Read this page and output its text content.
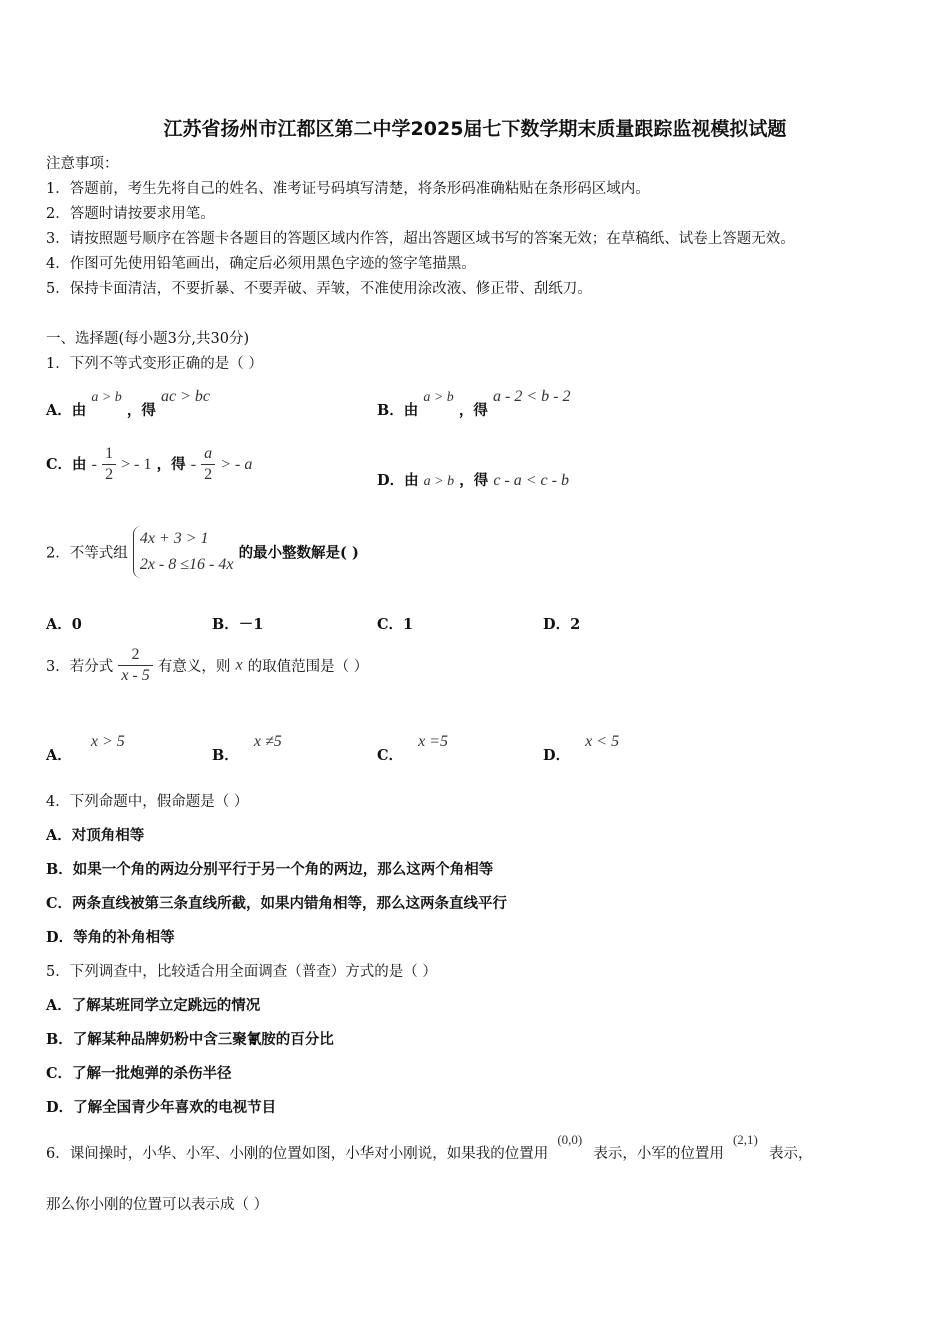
江苏省扬州市江都区第二中学2025届七下数学期末质量跟踪监视模拟试题
注意事项：
1．答题前，考生先将自己的姓名、准考证号码填写清楚，将条形码准确粘贴在条形码区域内。
2．答题时请按要求用笔。
3．请按照题号顺序在答题卡各题目的答题区域内作答，超出答题区域书写的答案无效；在草稿纸、试卷上答题无效。
4．作图可先使用铅笔画出，确定后必须用黑色字迹的签字笔描黑。
5．保持卡面清洁，不要折暴、不要弄破、弄皱，不准使用涂改液、修正带、刮纸刀。
一、选择题(每小题3分,共30分)
1．下列不等式变形正确的是（ ）
A．由 a > b ，得 ac > bc
B．由 a > b ，得 a - 2 < b - 2
C．由 - $\frac{1}{2}$ > - 1 ，得 - $\frac{a}{2}$ > - a
D．由 a > b ，得 c - a < c - b
2．不等式组
4x + 3 > 1
2x - 8 ≤16 - 4x
的最小整数解是( )
A．0	B．－1	C．1	D．2
3．若分式 $\frac{2}{x - 5}$ 有意义，则 x 的取值范围是（ ）
A． x > 5
B． x ≠5
C． x =5
D． x < 5
4．下列命题中，假命题是（ ）
A．对顶角相等
B．如果一个角的两边分别平行于另一个角的两边，那么这两个角相等
C．两条直线被第三条直线所截，如果内错角相等，那么这两条直线平行
D．等角的补角相等
5．下列调查中，比较适合用全面调查（普查）方式的是（ ）
A．了解某班同学立定跳远的情况
B．了解某种品牌奶粉中含三聚氰胺的百分比
C．了解一批炮弹的杀伤半径
D．了解全国青少年喜欢的电视节目
6．课间操时，小华、小军、小刚的位置如图，小华对小刚说，如果我的位置用 (0,0) 表示，小军的位置用 (2,1) 表示，
那么你小刚的位置可以表示成（ ）
